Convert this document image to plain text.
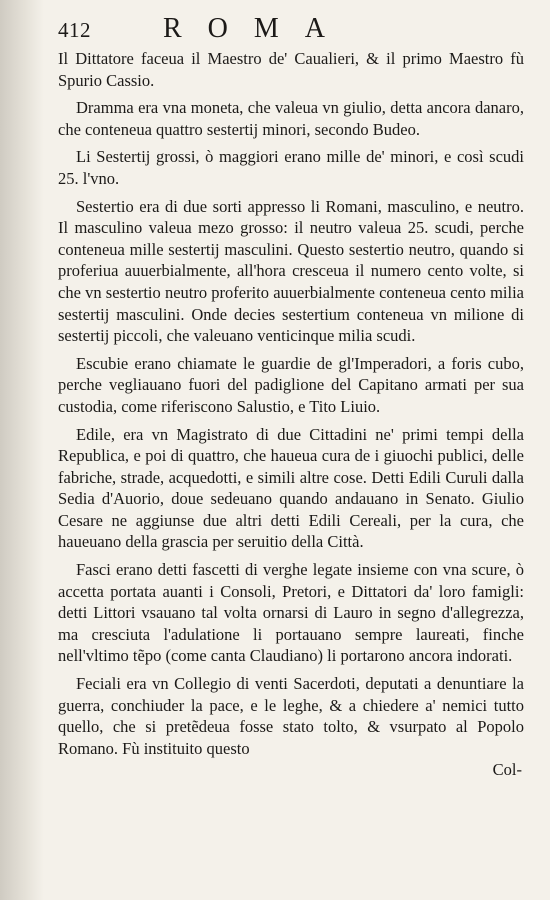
412	ROMA

Il Dittatore faceua il Maestro de' Caualieri, & il primo Maestro fù Spurio Cassio.

Dramma era vna moneta, che valeua vn giulio, detta ancora danaro, che conteneua quattro sestertij minori, secondo Budeo.

Li Sestertij grossi, ò maggiori erano mille de' minori, e così scudi 25. l'vno.

Sestertio era di due sorti appresso li Romani, masculino, e neutro. Il masculino valeua mezo grosso: il neutro valeua 25. scudi, perche conteneua mille sestertij masculini. Questo sestertio neutro, quando si proferiua auuerbialmente, all'hora cresceua il numero cento volte, si che vn sestertio neutro proferito auuerbialmente conteneua cento milia sestertij masculini. Onde decies sestertium conteneua vn milione di sestertij piccoli, che valeuano venticinque milia scudi.

Escubie erano chiamate le guardie de gl'Imperadori, a foris cubo, perche vegliauano fuori del padiglione del Capitano armati per sua custodia, come riferiscono Salustio, e Tito Liuio.

Edile, era vn Magistrato di due Cittadini ne' primi tempi della Republica, e poi di quattro, che haueua cura de i giuochi publici, delle fabriche, strade, acquedotti, e simili altre cose. Detti Edili Curuli dalla Sedia d'Auorio, doue sedeuano quando andauano in Senato. Giulio Cesare ne aggiunse due altri detti Edili Cereali, per la cura, che haueuano della grascia per seruitio della Città.

Fasci erano detti fascetti di verghe legate insieme con vna scure, ò accetta portata auanti i Consoli, Pretori, e Dittatori da' loro famigli: detti Littori vsauano tal volta ornarsi di Lauro in segno d'allegrezza, ma cresciuta l'adulatione li portauano sempre laureati, finche nell'vltimo tẽpo (come canta Claudiano) li portarono ancora indorati.

Feciali era vn Collegio di venti Sacerdoti, deputati a denuntiare la guerra, conchiuder la pace, e le leghe, & a chiedere a' nemici tutto quello, che si pretẽdeua fosse stato tolto, & vsurpato al Popolo Romano. Fù instituito questo

Col-
